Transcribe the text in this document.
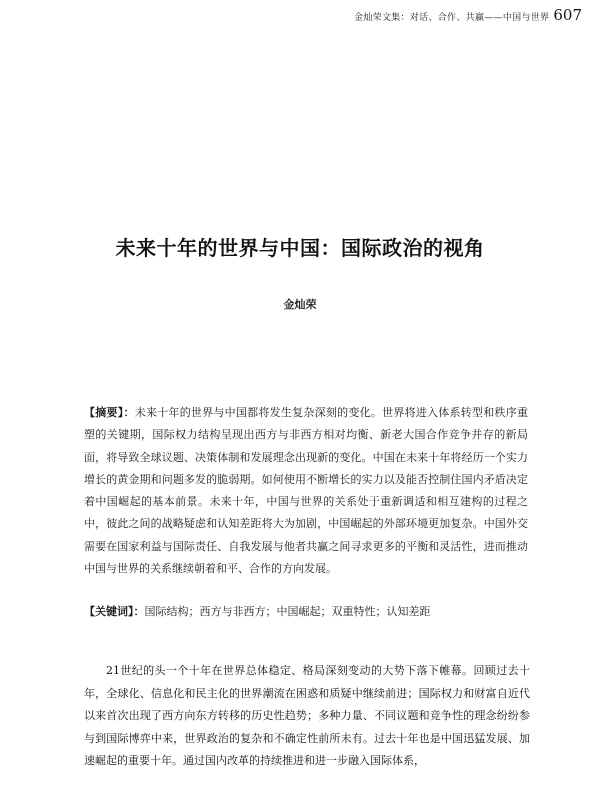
金灿荣文集：对话、合作、共赢——中国与世界 607
未来十年的世界与中国：国际政治的视角
金灿荣

【摘要】：未来十年的世界与中国都将发生复杂深刻的变化。世界将进入体系转型和秩序重塑的关键期，国际权力结构呈现出西方与非西方相对均衡、新老大国合作竞争并存的新局面，将导致全球议题、决策体制和发展理念出现新的变化。中国在未来十年将经历一个实力增长的黄金期和问题多发的脆弱期。如何使用不断增长的实力以及能否控制住国内矛盾决定着中国崛起的基本前景。未来十年，中国与世界的关系处于重新调适和相互建构的过程之中，彼此之间的战略疑虑和认知差距将大为加剧，中国崛起的外部环境更加复杂。中国外交需要在国家利益与国际责任、自我发展与他者共赢之间寻求更多的平衡和灵活性，进而推动中国与世界的关系继续朝着和平、合作的方向发展。

【关键词】：国际结构；西方与非西方；中国崛起；双重特性；认知差距

21世纪的头一个十年在世界总体稳定、格局深刻变动的大势下落下帷幕。回顾过去十年，全球化、信息化和民主化的世界潮流在困惑和质疑中继续前进；国际权力和财富自近代以来首次出现了西方向东方转移的历史性趋势；多种力量、不同议题和竞争性的理念纷纷参与到国际博弈中来，世界政治的复杂和不确定性前所未有。过去十年也是中国迅猛发展、加速崛起的重要十年。通过国内改革的持续推进和进一步融入国际体系，
